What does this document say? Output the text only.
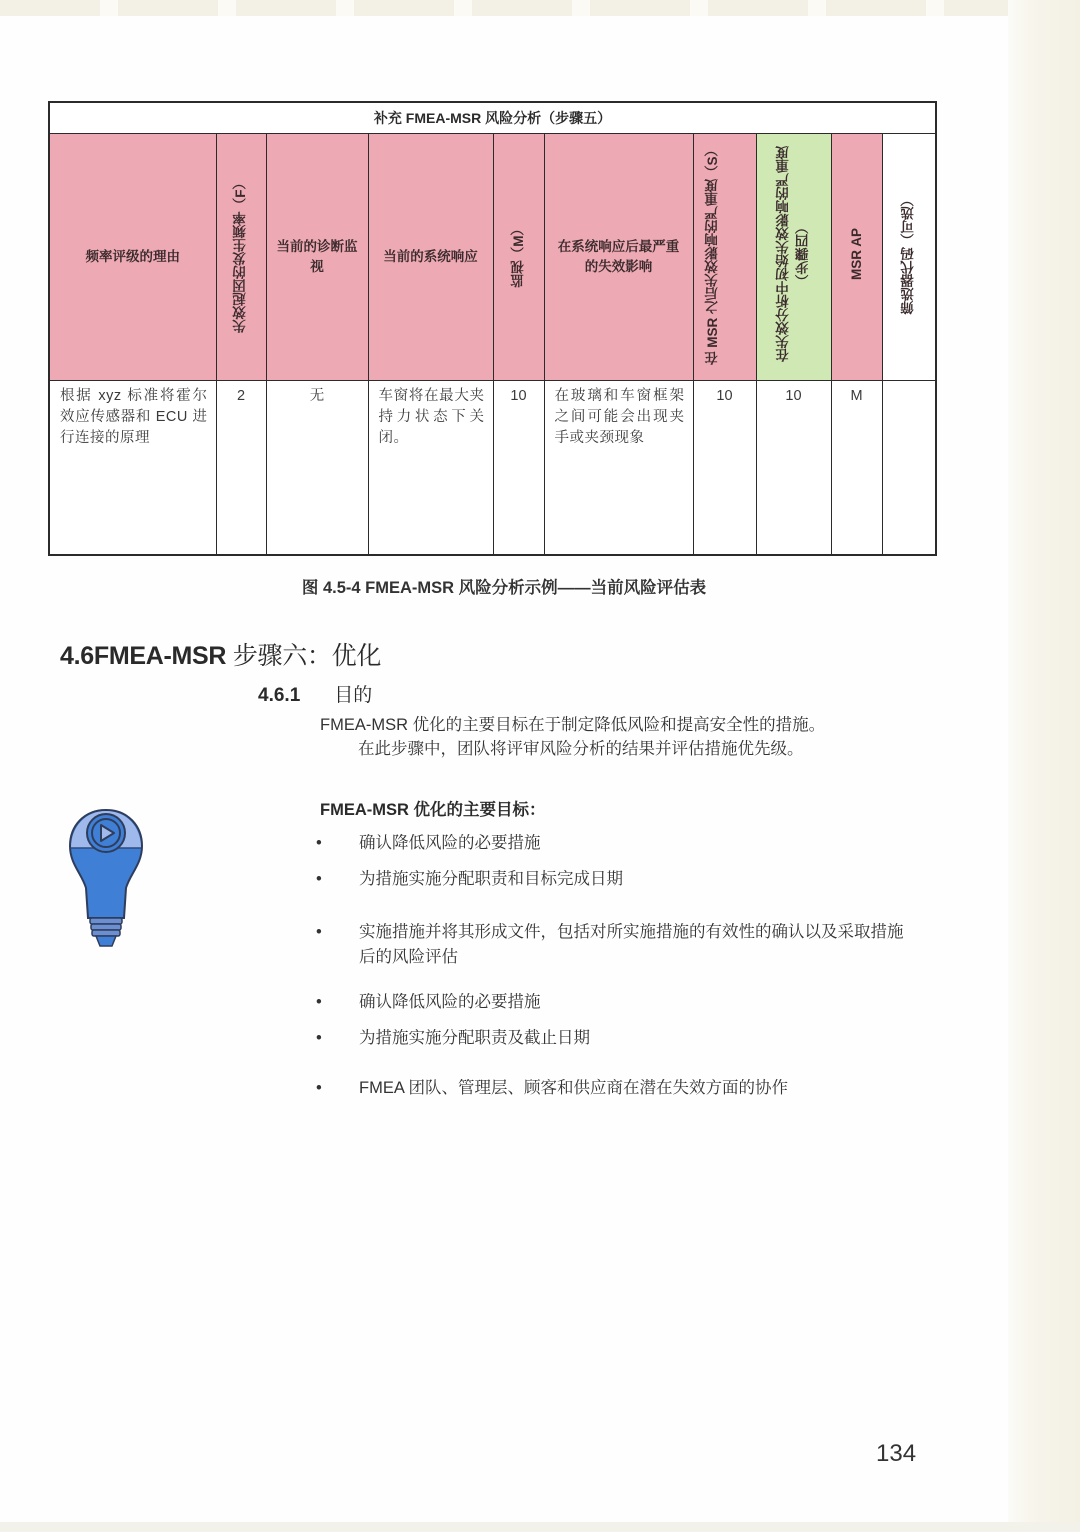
补充 FMEA-MSR 风险分析（步骤五）									

频率评级的理由	失效起因的发生频率（F）	当前的诊断监视	当前的系统响应	监视（M）	在系统响应后最严重的失效影响	在 MSR 之后失效影响的严重度（S）	在失效分析中初始失效影响的严重度（步骤四）	MSR AP	筛选器代码（可选）
根据 xyz 标准将霍尔效应传感器和 ECU 进行连接的原理	2	无	车窗将在最大夹持力状态下关闭。	10	在玻璃和车窗框架之间可能会出现夹手或夹颈现象	10	10	M	
图 4.5-4 FMEA-MSR 风险分析示例——当前风险评估表
4.6FMEA-MSR 步骤六：优化
4.6.1 目的
FMEA-MSR 优化的主要目标在于制定降低风险和提高安全性的措施。
在此步骤中，团队将评审风险分析的结果并评估措施优先级。
FMEA-MSR 优化的主要目标：
•	确认降低风险的必要措施
•	为措施实施分配职责和目标完成日期
•	实施措施并将其形成文件，包括对所实施措施的有效性的确认以及采取措施后的风险评估
•	确认降低风险的必要措施
•	为措施实施分配职责及截止日期
•	FMEA 团队、管理层、顾客和供应商在潜在失效方面的协作
134
